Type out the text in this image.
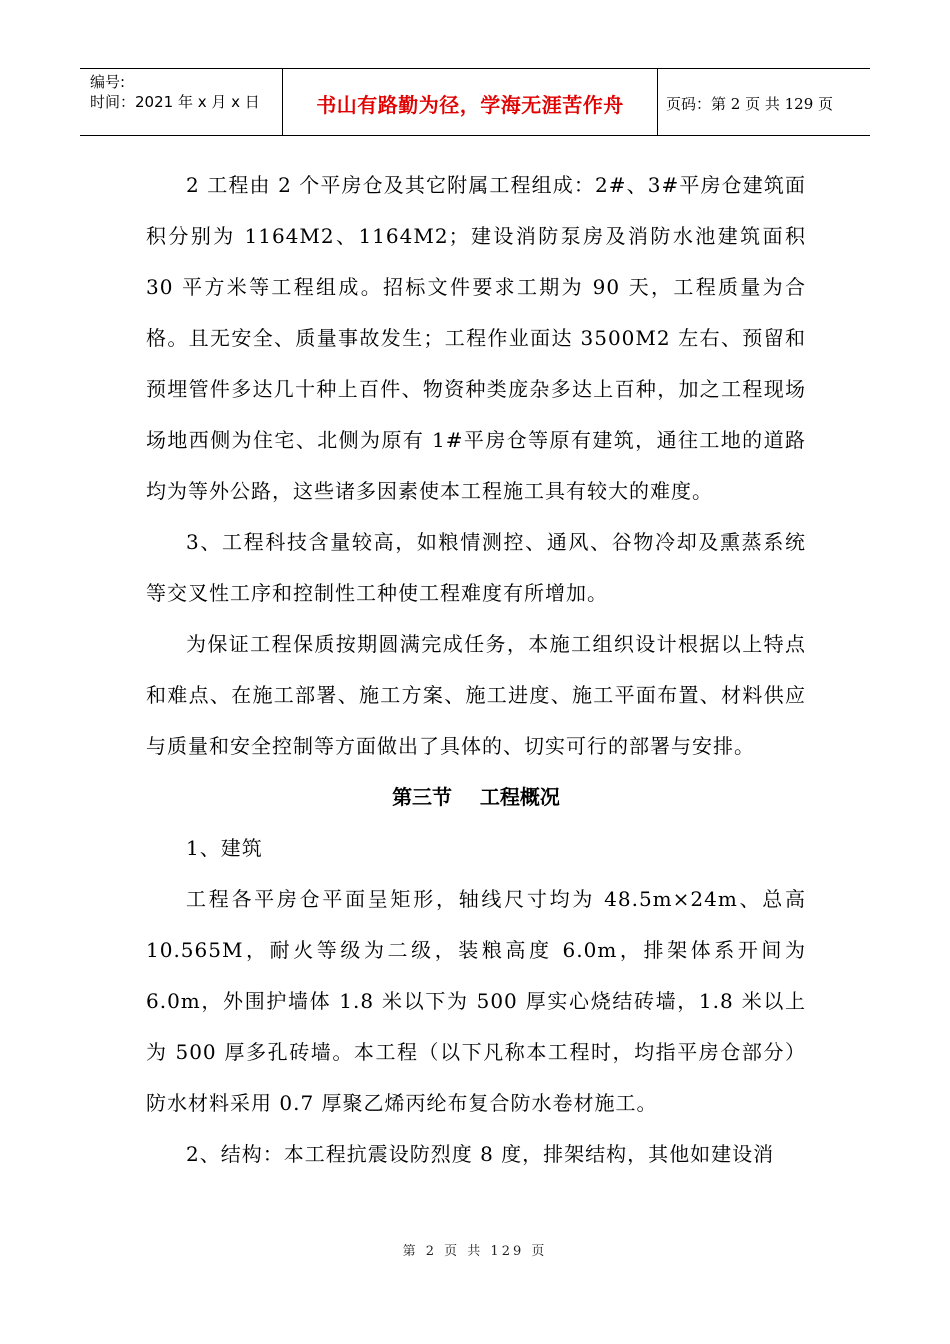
编号:
时间：2021 年 x 月 x 日	书山有路勤为径，学海无涯苦作舟	页码：第 2 页 共 129 页

2 工程由 2 个平房仓及其它附属工程组成：2#、3#平房仓建筑面积分别为 1164M2、1164M2；建设消防泵房及消防水池建筑面积 30 平方米等工程组成。招标文件要求工期为 90 天，工程质量为合格。且无安全、质量事故发生；工程作业面达 3500M2 左右、预留和预埋管件多达几十种上百件、物资种类庞杂多达上百种，加之工程现场场地西侧为住宅、北侧为原有 1#平房仓等原有建筑，通往工地的道路均为等外公路，这些诸多因素使本工程施工具有较大的难度。

3、工程科技含量较高，如粮情测控、通风、谷物冷却及熏蒸系统等交叉性工序和控制性工种使工程难度有所增加。

为保证工程保质按期圆满完成任务，本施工组织设计根据以上特点和难点、在施工部署、施工方案、施工进度、施工平面布置、材料供应与质量和安全控制等方面做出了具体的、切实可行的部署与安排。

第三节    工程概况

1、建筑

工程各平房仓平面呈矩形，轴线尺寸均为 48.5m×24m、总高 10.565M，耐火等级为二级，装粮高度 6.0m，排架体系开间为 6.0m，外围护墙体 1.8 米以下为 500 厚实心烧结砖墙，1.8 米以上为 500 厚多孔砖墙。本工程（以下凡称本工程时，均指平房仓部分）防水材料采用 0.7 厚聚乙烯丙纶布复合防水卷材施工。

2、结构：本工程抗震设防烈度 8 度，排架结构，其他如建设消

第 2 页 共 129 页
